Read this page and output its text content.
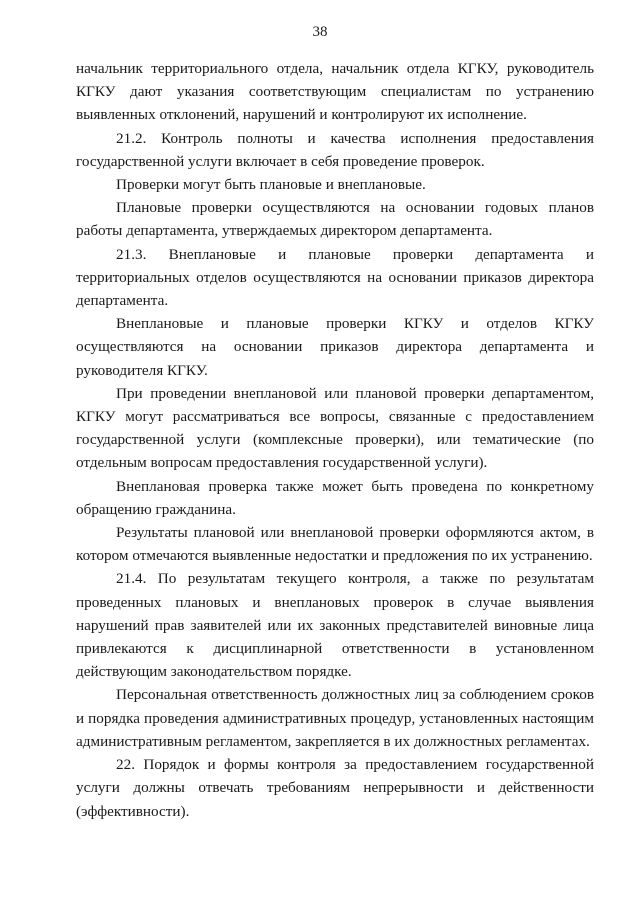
38

начальник территориального отдела, начальник отдела КГКУ, руководитель КГКУ дают указания соответствующим специалистам по устранению выявленных отклонений, нарушений и контролируют их исполнение.

21.2. Контроль полноты и качества исполнения предоставления государственной услуги включает в себя проведение проверок.

Проверки могут быть плановые и внеплановые.

Плановые проверки осуществляются на основании годовых планов работы департамента, утверждаемых директором департамента.

21.3. Внеплановые и плановые проверки департамента и территориальных отделов осуществляются на основании приказов директора департамента.

Внеплановые и плановые проверки КГКУ и отделов КГКУ осуществляются на основании приказов директора департамента и руководителя КГКУ.

При проведении внеплановой или плановой проверки департаментом, КГКУ могут рассматриваться все вопросы, связанные с предоставлением государственной услуги (комплексные проверки), или тематические (по отдельным вопросам предоставления государственной услуги).

Внеплановая проверка также может быть проведена по конкретному обращению гражданина.

Результаты плановой или внеплановой проверки оформляются актом, в котором отмечаются выявленные недостатки и предложения по их устранению.

21.4. По результатам текущего контроля, а также по результатам проведенных плановых и внеплановых проверок в случае выявления нарушений прав заявителей или их законных представителей виновные лица привлекаются к дисциплинарной ответственности в установленном действующим законодательством порядке.

Персональная ответственность должностных лиц за соблюдением сроков и порядка проведения административных процедур, установленных настоящим административным регламентом, закрепляется в их должностных регламентах.

22. Порядок и формы контроля за предоставлением государственной услуги должны отвечать требованиям непрерывности и действенности (эффективности).
